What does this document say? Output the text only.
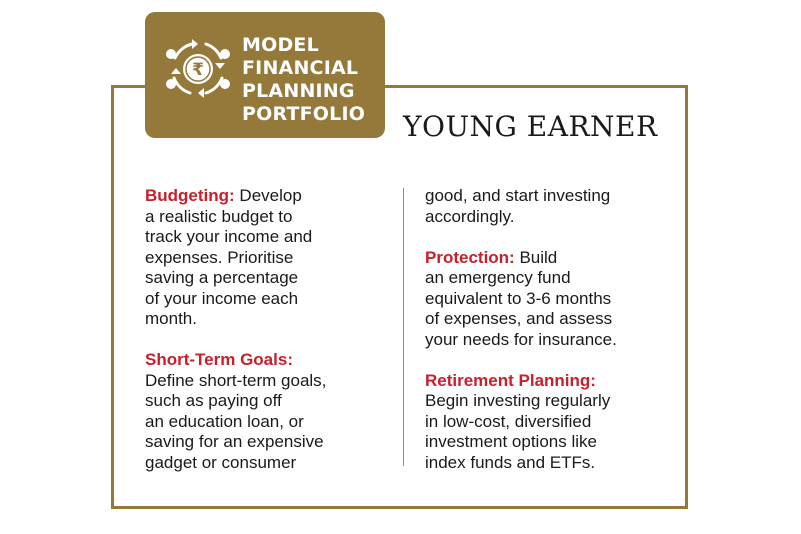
₹
MODEL
FINANCIAL
PLANNING
PORTFOLIO YOUNG EARNER
Budgeting: Develop
a realistic budget to
track your income and
expenses. Prioritise
saving a percentage
of your income each
month.
Short-Term Goals:
Define short-term goals,
such as paying off
an education loan, or
saving for an expensive
gadget or consumer
good, and start investing
accordingly.
Protection: Build
an emergency fund
equivalent to 3-6 months
of expenses, and assess
your needs for insurance.
Retirement Planning:
Begin investing regularly
in low-cost, diversified
investment options like
index funds and ETFs.
